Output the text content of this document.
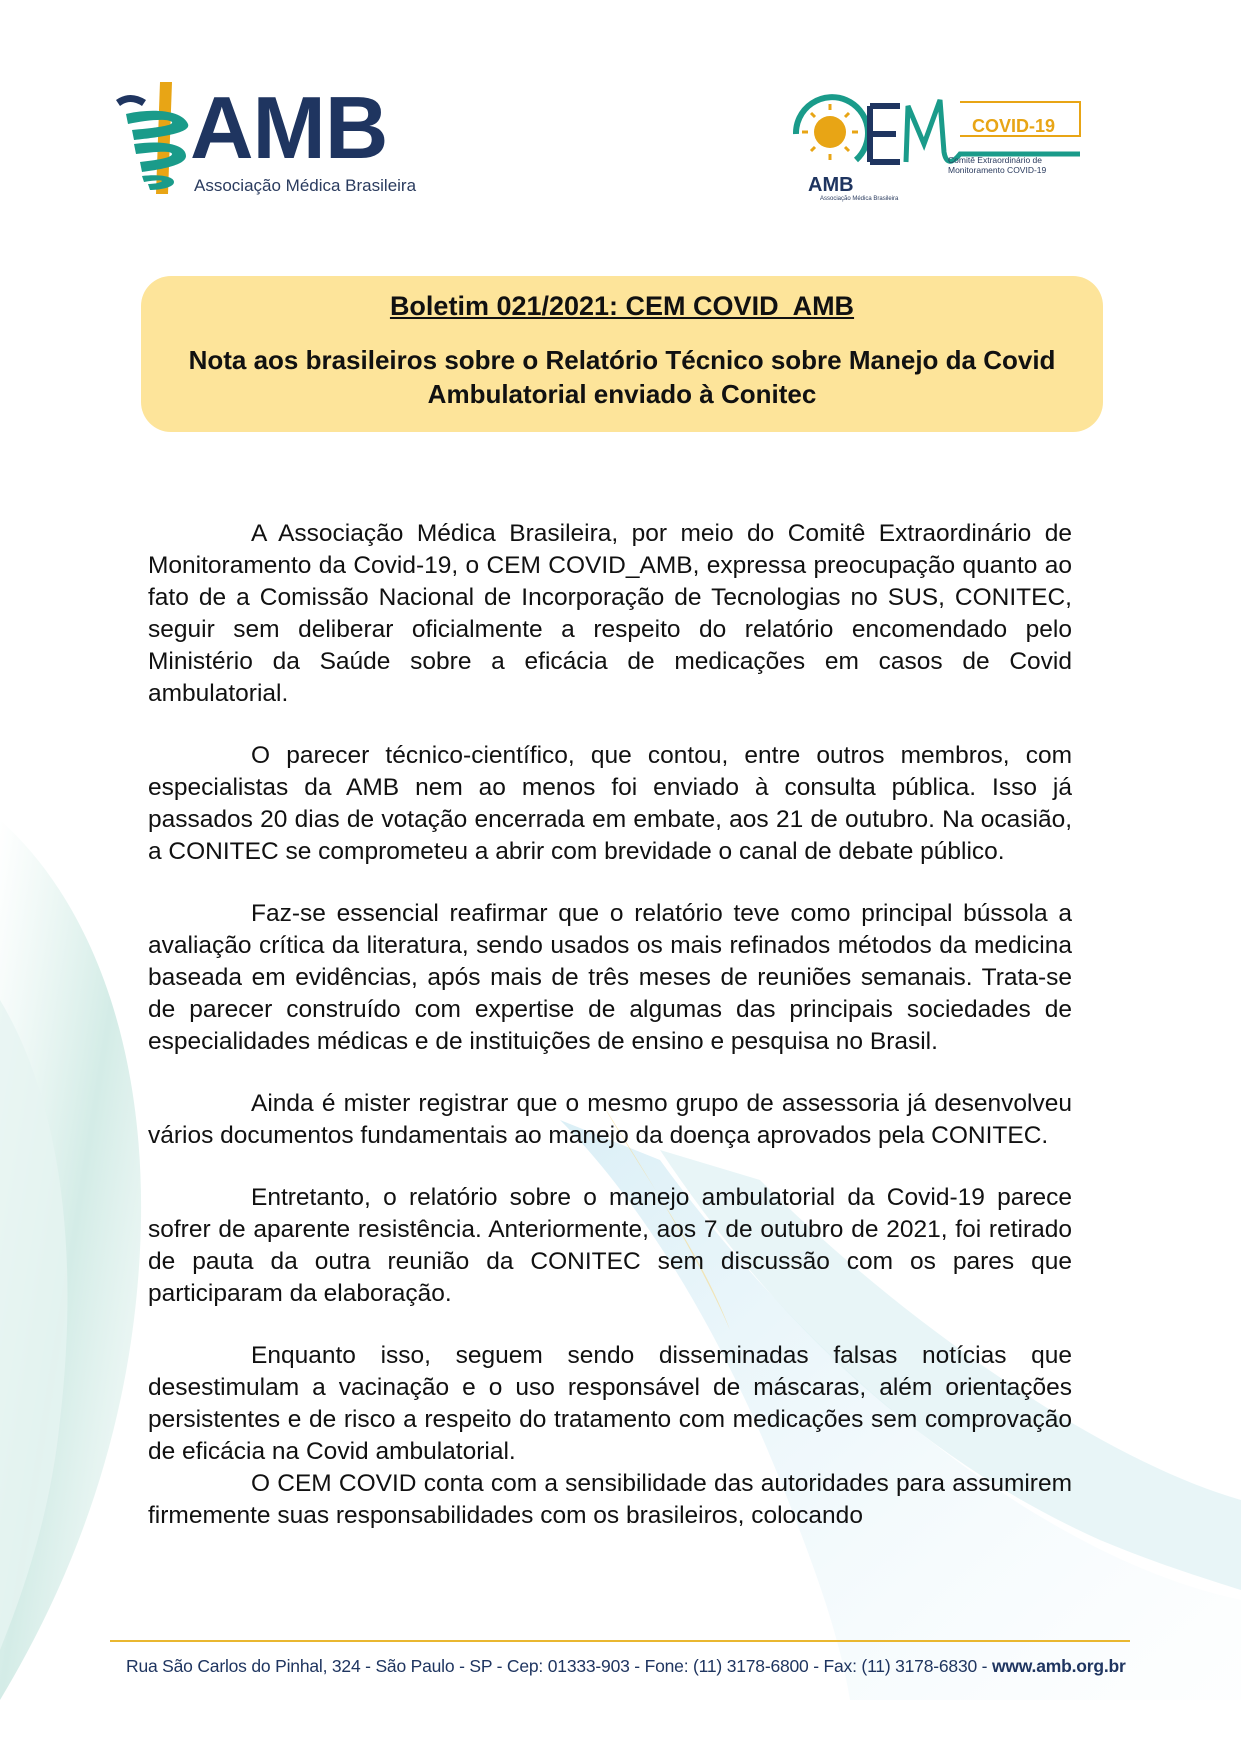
AMB
Associação Médica Brasileira
COVID-19
Comitê Extraordinário de Monitoramento COVID-19
AMB
Associação Médica Brasileira
Boletim 021/2021: CEM COVID  AMB
Nota aos brasileiros sobre o Relatório Técnico sobre Manejo da Covid Ambulatorial enviado à Conitec

A Associação Médica Brasileira, por meio do Comitê Extraordinário de Monitoramento da Covid-19, o CEM COVID_AMB, expressa preocupação quanto ao fato de a Comissão Nacional de Incorporação de Tecnologias no SUS, CONITEC, seguir sem deliberar oficialmente a respeito do relatório encomendado pelo Ministério da Saúde sobre a eficácia de medicações em casos de Covid ambulatorial.

O parecer técnico-científico, que contou, entre outros membros, com especialistas da AMB nem ao menos foi enviado à consulta pública. Isso já passados 20 dias de votação encerrada em embate, aos 21 de outubro. Na ocasião, a CONITEC se comprometeu a abrir com brevidade o canal de debate público.

Faz-se essencial reafirmar que o relatório teve como principal bússola a avaliação crítica da literatura, sendo usados os mais refinados métodos da medicina baseada em evidências, após mais de três meses de reuniões semanais. Trata-se de parecer construído com expertise de algumas das principais sociedades de especialidades médicas e de instituições de ensino e pesquisa no Brasil.

Ainda é mister registrar que o mesmo grupo de assessoria já desenvolveu vários documentos fundamentais ao manejo da doença aprovados pela CONITEC.

Entretanto, o relatório sobre o manejo ambulatorial da Covid-19 parece sofrer de aparente resistência. Anteriormente, aos 7 de outubro de 2021, foi retirado de pauta da outra reunião da CONITEC sem discussão com os pares que participaram da elaboração.

Enquanto isso, seguem sendo disseminadas falsas notícias que desestimulam a vacinação e o uso responsável de máscaras, além orientações persistentes e de risco a respeito do tratamento com medicações sem comprovação de eficácia na Covid ambulatorial.

O CEM COVID conta com a sensibilidade das autoridades para assumirem firmemente suas responsabilidades com os brasileiros, colocando

Rua São Carlos do Pinhal, 324 - São Paulo - SP - Cep: 01333-903 - Fone: (11) 3178-6800 - Fax: (11) 3178-6830 - www.amb.org.br
